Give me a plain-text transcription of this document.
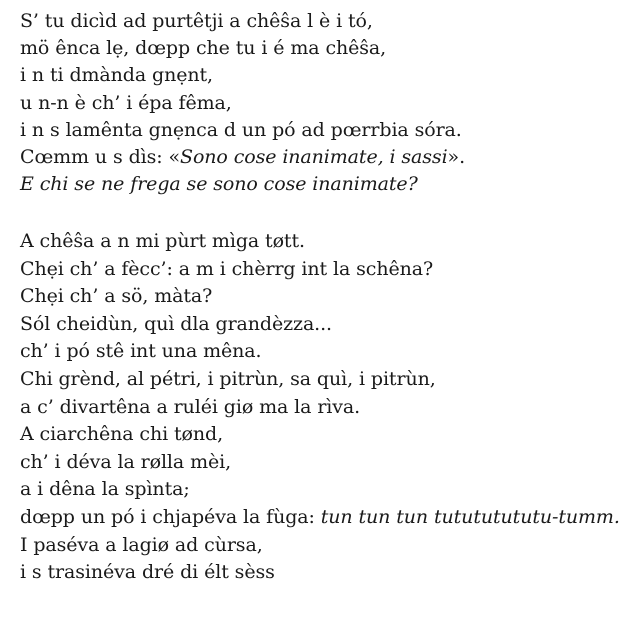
S’ tu dicìd ad purtêtji a chêŝa l è i tó,
mö ênca lẹ, dœpp che tu i é ma chêŝa,
i n ti dmànda gnẹnt,
u n-n è ch’ i épa fêma,
i n s lamênta gnẹnca d un pó ad pœrrbia sóra.
Cœmm u s dìs: «Sono cose inanimate, i sassi».
E chi se ne frega se sono cose inanimate?
A chêŝa a n mi pùrt mìga tøtt.
Chẹi ch’ a fècc’: a m i chèrrg int la schêna?
Chẹi ch’ a sö, màta?
Sól cheidùn, quì dla grandèzza...
ch’ i pó stê int una mêna.
Chi grènd, al pétri, i pitrùn, sa quì, i pitrùn,
a c’ divartêna a ruléi giø ma la rìva.
A ciarchêna chi tønd,
ch’ i déva la rølla mèi,
a i dêna la spìnta;
dœpp un pó i chjapéva la fùga: tun tun tun tutututututu-tumm.
I paséva a lagiø ad cùrsa,
i s trasinéva dré di élt sèss
